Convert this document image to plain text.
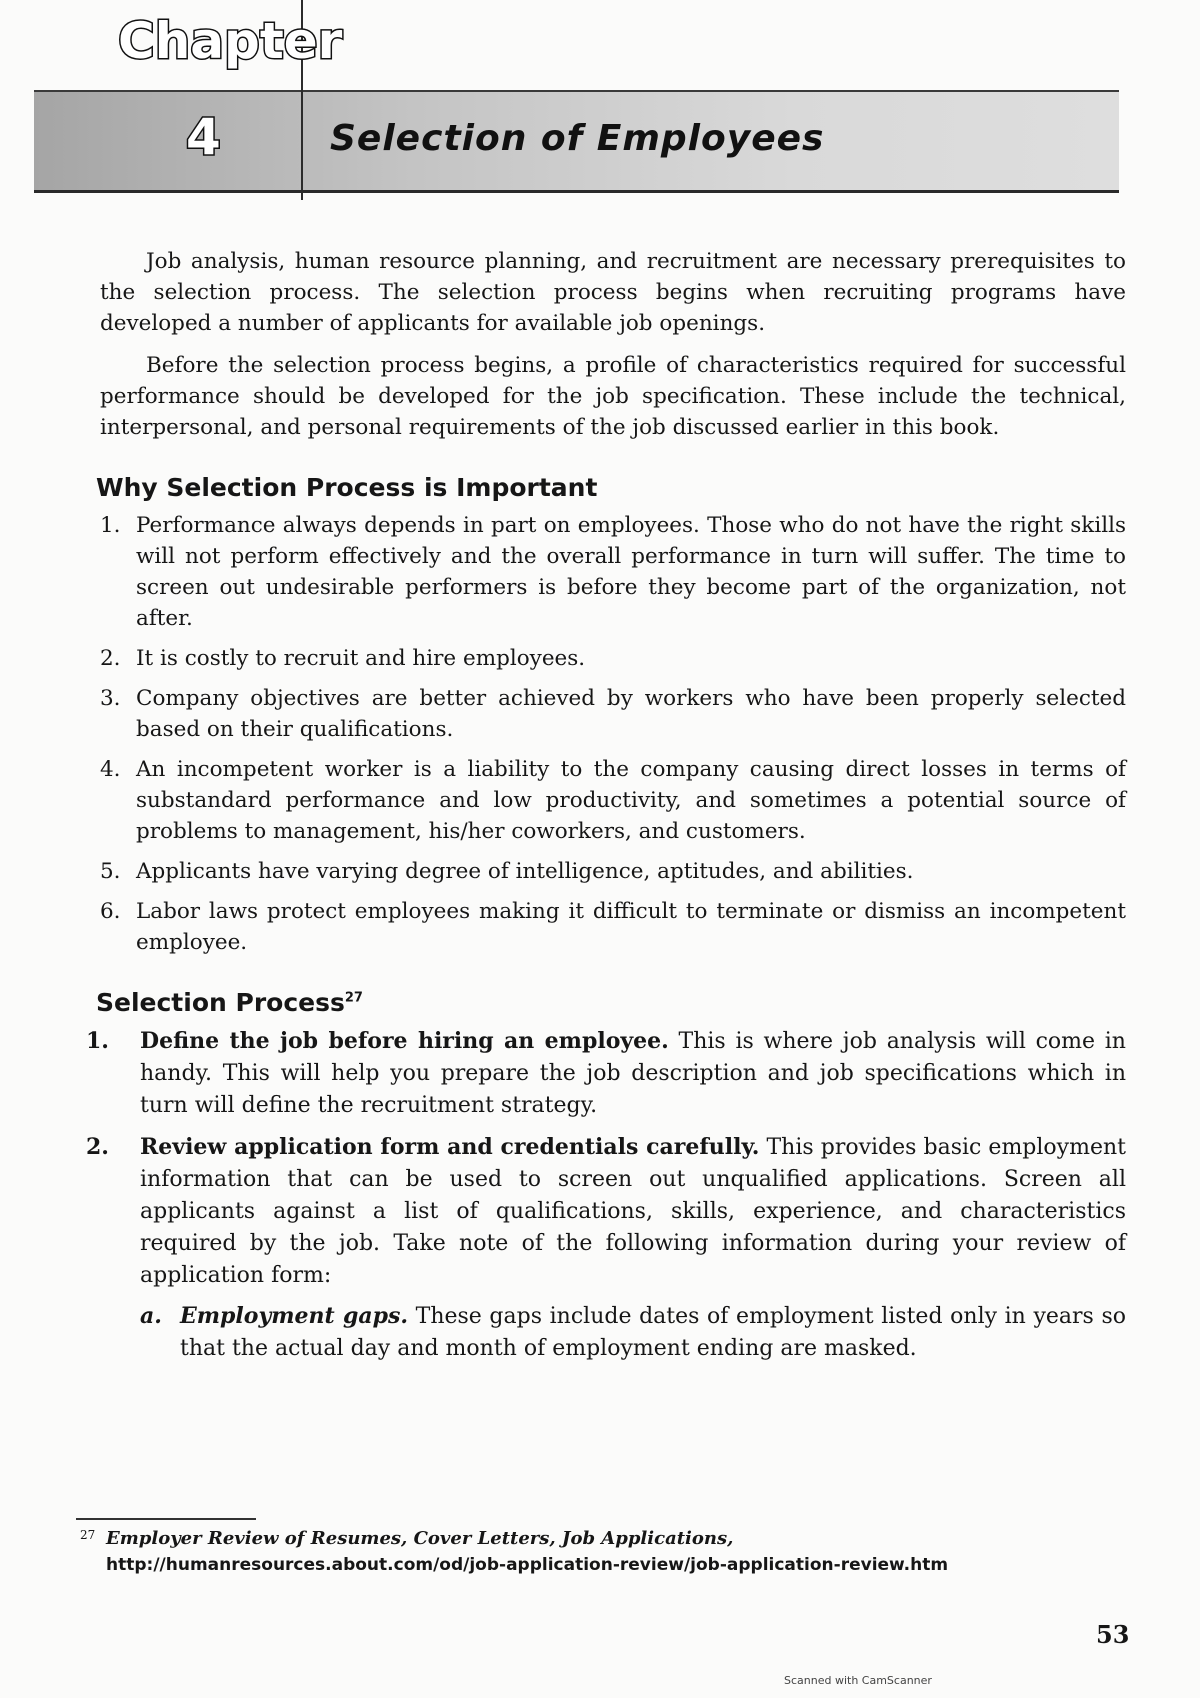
Chapter
4	Selection of Employees

Job analysis, human resource planning, and recruitment are necessary prerequisites to the selection process. The selection process begins when recruiting programs have developed a number of applicants for available job openings.

Before the selection process begins, a profile of characteristics required for successful performance should be developed for the job specification. These include the technical, interpersonal, and personal requirements of the job discussed earlier in this book.

Why Selection Process is Important
1. Performance always depends in part on employees. Those who do not have the right skills will not perform effectively and the overall performance in turn will suffer. The time to screen out undesirable performers is before they become part of the organization, not after.
2. It is costly to recruit and hire employees.
3. Company objectives are better achieved by workers who have been properly selected based on their qualifications.
4. An incompetent worker is a liability to the company causing direct losses in terms of substandard performance and low productivity, and sometimes a potential source of problems to management, his/her coworkers, and customers.
5. Applicants have varying degree of intelligence, aptitudes, and abilities.
6. Labor laws protect employees making it difficult to terminate or dismiss an incompetent employee.
Selection Process$^{27}$
1. Define the job before hiring an employee. This is where job analysis will come in handy. This will help you prepare the job description and job specifications which in turn will define the recruitment strategy.
2. Review application form and credentials carefully. This provides basic employment information that can be used to screen out unqualified applications. Screen all applicants against a list of qualifications, skills, experience, and characteristics required by the job. Take note of the following information during your review of application form:
a. Employment gaps. These gaps include dates of employment listed only in years so that the actual day and month of employment ending are masked.
27 Employer Review of Resumes, Cover Letters, Job Applications, http://humanresources.about.com/od/job-application-review/job-application-review.htm
53
Scanned with CamScanner
